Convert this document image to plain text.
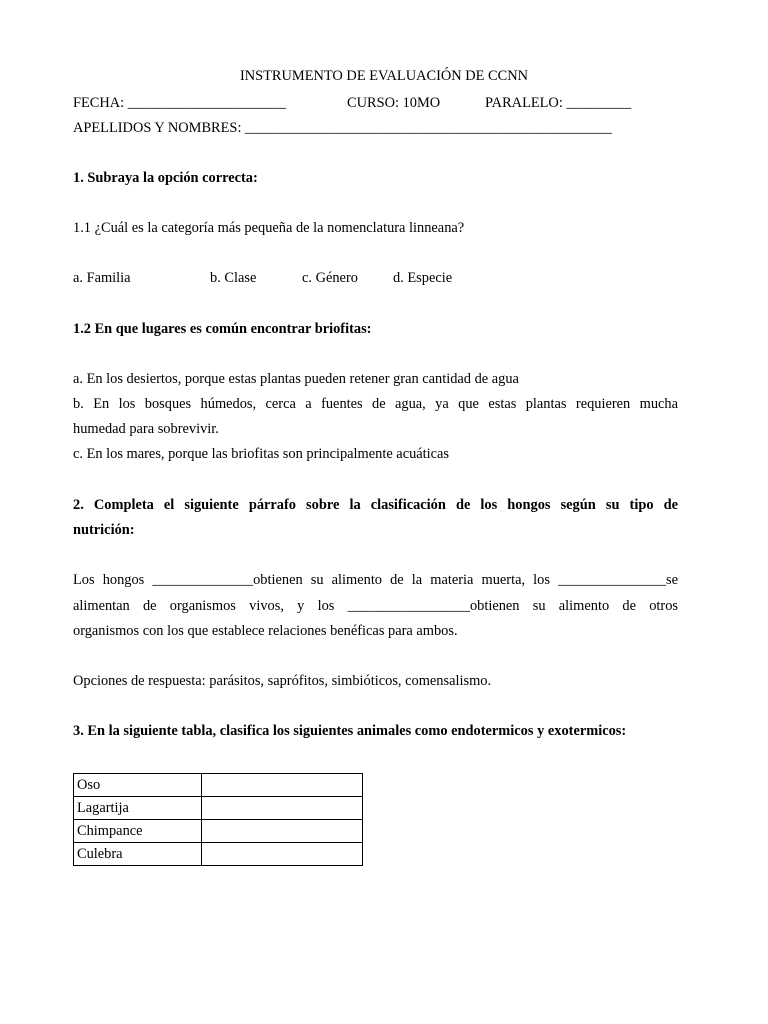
INSTRUMENTO DE EVALUACIÓN DE CCNN
FECHA: ______________________	CURSO: 10MO	PARALELO: _________
APELLIDOS Y NOMBRES: ___________________________________________________
1. Subraya la opción correcta:
1.1 ¿Cuál es la categoría más pequeña de la nomenclatura linneana?
a. Familia	b. Clase	c. Género d. Especie
1.2 En que lugares es común encontrar briofitas:
a. En los desiertos, porque estas plantas pueden retener gran cantidad de agua
b. En los bosques húmedos, cerca a fuentes de agua, ya que estas plantas requieren mucha
humedad para sobrevivir.
c. En los mares, porque las briofitas son principalmente acuáticas
2. Completa el siguiente párrafo sobre la clasificación de los hongos según su tipo de
nutrición:
Los hongos ______________obtienen su alimento de la materia muerta, los _______________se
alimentan de organismos vivos, y los _________________obtienen su alimento de otros
organismos con los que establece relaciones benéficas para ambos.
Opciones de respuesta: parásitos, saprófitos, simbióticos, comensalismo.
3. En la siguiente tabla, clasifica los siguientes animales como endotermicos y exotermicos:
Oso	
Lagartija	
Chimpance	
Culebra	
